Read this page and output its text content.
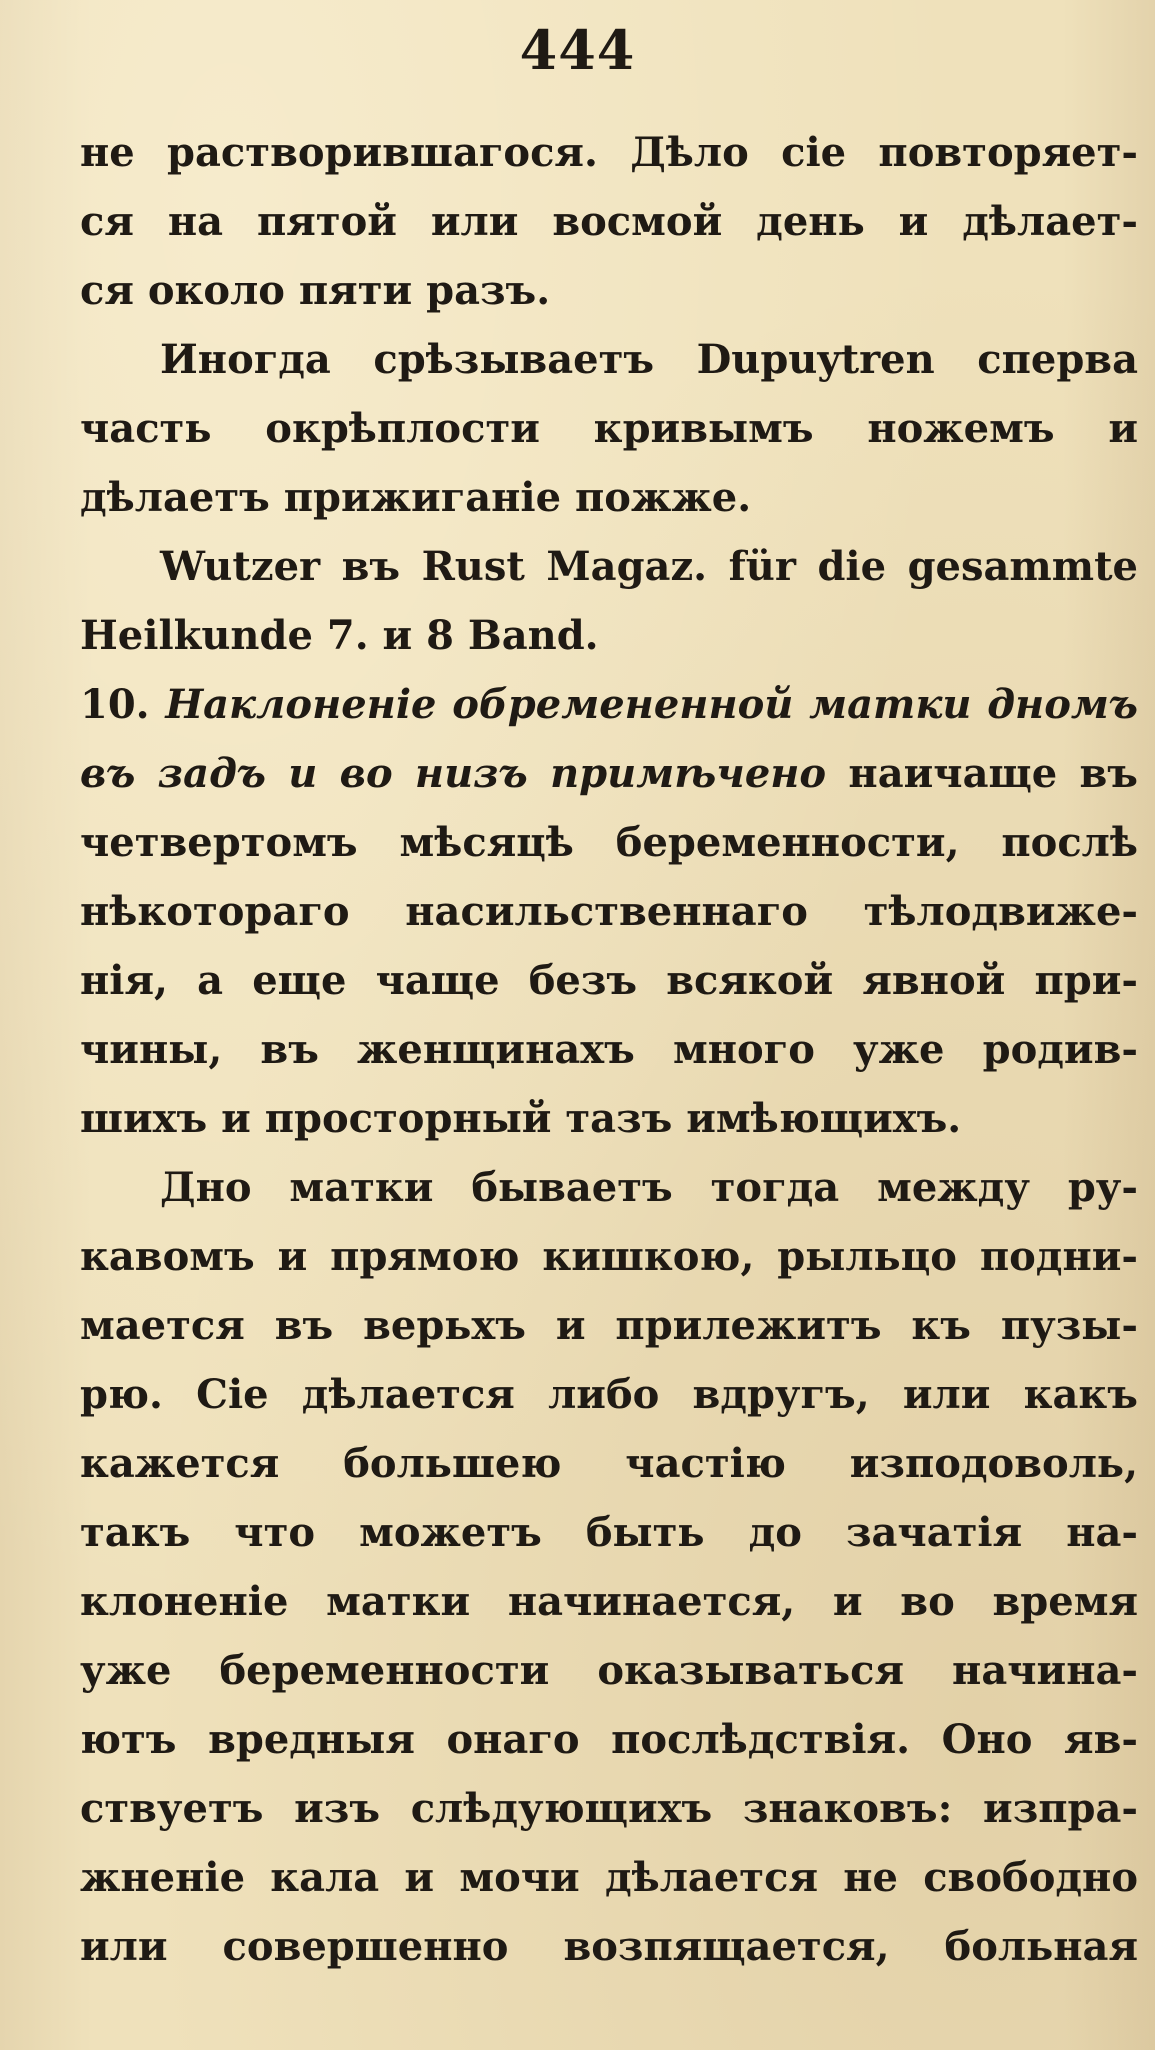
444
не растворившагося. Дѣло сіе повторяет-
ся на пятой или восмой день и дѣлает-
ся около пяти разъ.
Иногда срѣзываетъ Dupuytren сперва
часть окрѣплости кривымъ ножемъ и
дѣлаетъ прижиганіе пожже.
Wutzer въ Rust Magaz. für die gesammte
Heilkunde 7. и 8 Band.
10. Наклоненіе обремененной матки дномъ
въ задъ и во низъ примѣчено наичаще въ
четвертомъ мѣсяцѣ беременности, послѣ
нѣкотораго насильственнаго тѣлодвиже-
нія, а еще чаще безъ всякой явной при-
чины, въ женщинахъ много уже родив-
шихъ и просторный тазъ имѣющихъ.
Дно матки бываетъ тогда между ру-
кавомъ и прямою кишкою, рыльцо подни-
мается въ верьхъ и прилежитъ къ пузы-
рю. Сіе дѣлается либо вдругъ, или какъ
кажется большею частію изподоволь,
такъ что можетъ быть до зачатія на-
клоненіе матки начинается, и во время
уже беременности оказываться начина-
ютъ вредныя онаго послѣдствія. Оно яв-
ствуетъ изъ слѣдующихъ знаковъ: изпра-
жненіе кала и мочи дѣлается не свободно
или совершенно возпящается, больная
